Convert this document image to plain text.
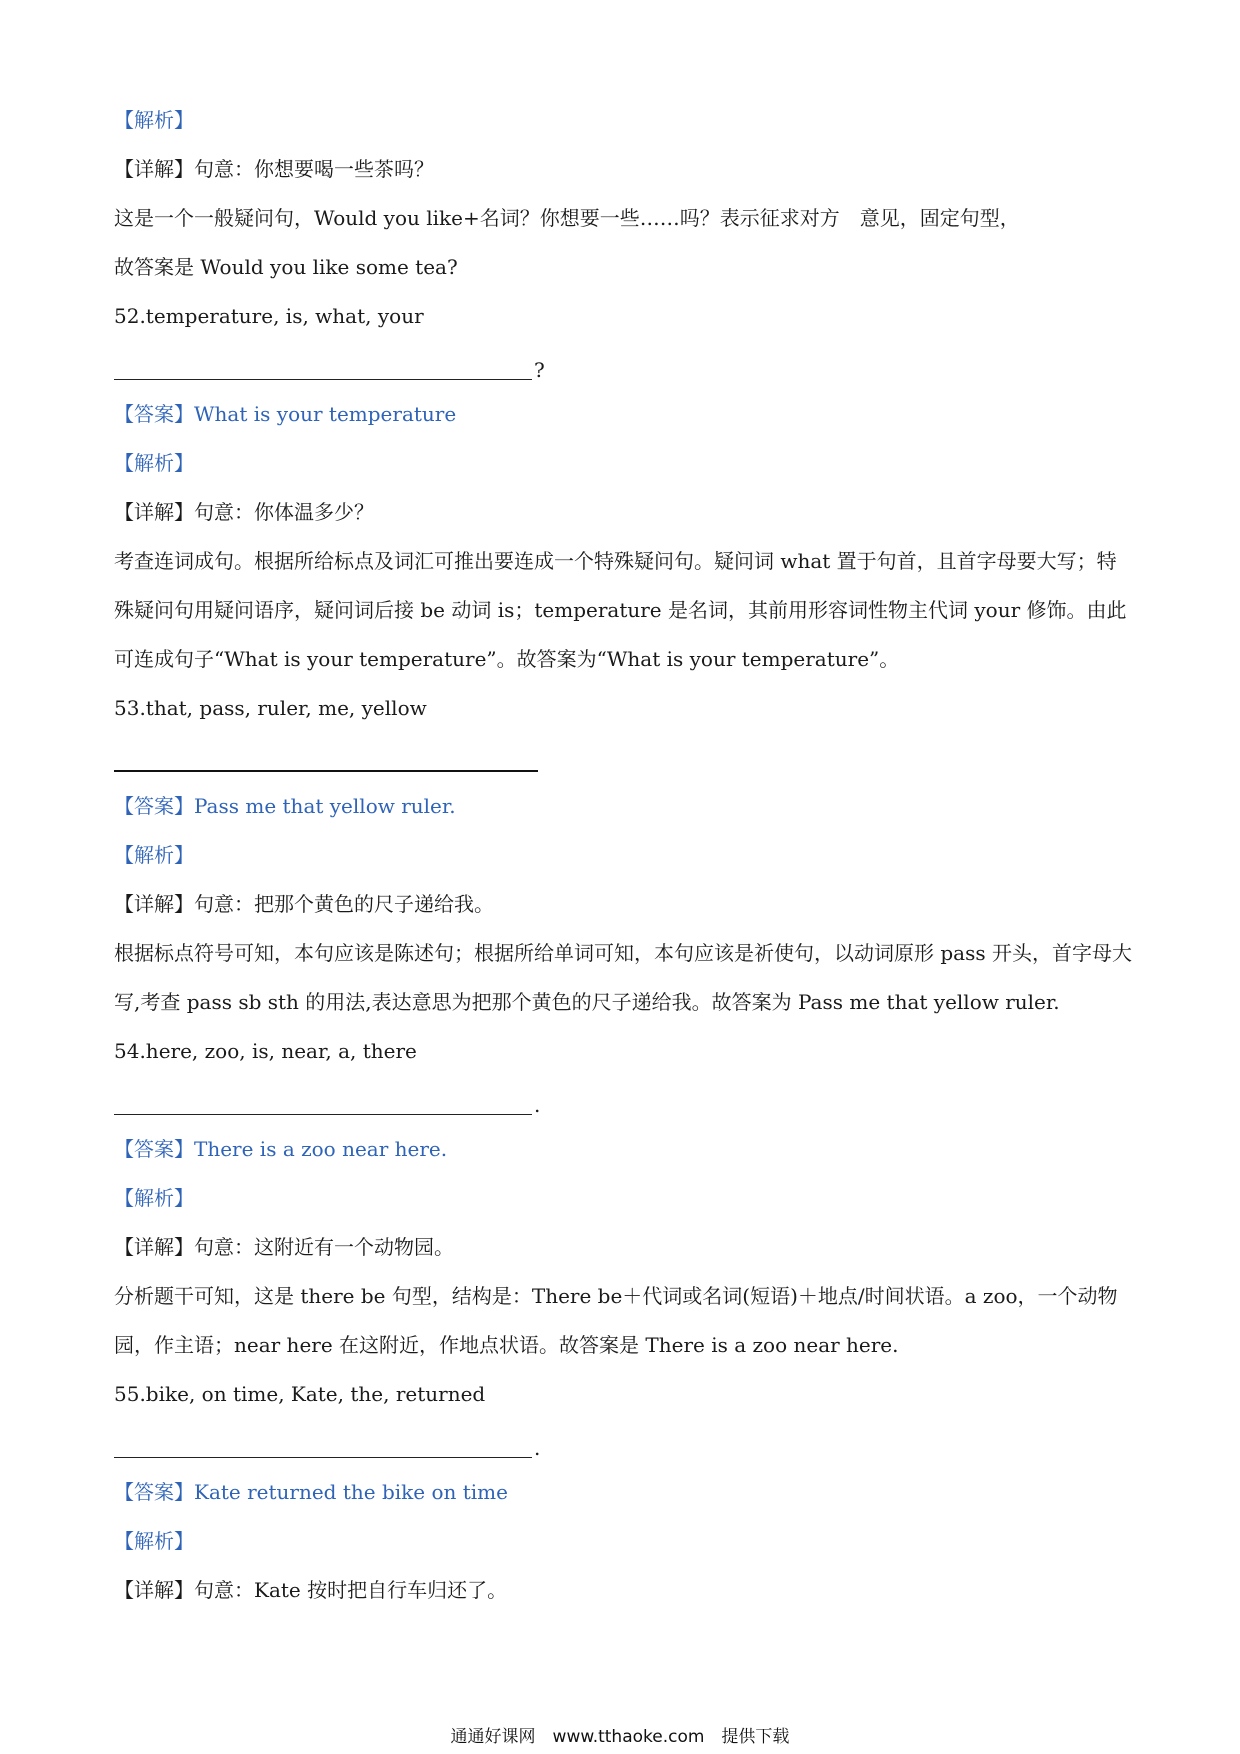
【解析】
【详解】句意：你想要喝一些茶吗？
这是一个一般疑问句，Would you like+名词？你想要一些……吗？表示征求对方　意见，固定句型，故答案是 Would you like some tea?
52.temperature, is, what, your
?
【答案】What is your temperature
【解析】
【详解】句意：你体温多少？
考查连词成句。根据所给标点及词汇可推出要连成一个特殊疑问句。疑问词 what 置于句首，且首字母要大写；特殊疑问句用疑问语序，疑问词后接 be 动词 is；temperature 是名词，其前用形容词性物主代词 your 修饰。由此可连成句子“What is your temperature”。故答案为“What is your temperature”。
53.that, pass, ruler, me, yellow
【答案】Pass me that yellow ruler.
【解析】
【详解】句意：把那个黄色的尺子递给我。
根据标点符号可知，本句应该是陈述句；根据所给单词可知，本句应该是祈使句，以动词原形 pass 开头，首字母大写,考查 pass sb sth 的用法,表达意思为把那个黄色的尺子递给我。故答案为 Pass me that yellow ruler.
54.here, zoo, is, near, a, there
.
【答案】There is a zoo near here.
【解析】
【详解】句意：这附近有一个动物园。
分析题干可知，这是 there be 句型，结构是：There be＋代词或名词(短语)＋地点/时间状语。a zoo，一个动物园，作主语；near here 在这附近，作地点状语。故答案是 There is a zoo near here.
55.bike, on time, Kate, the, returned
.
【答案】Kate returned the bike on time
【解析】
【详解】句意：Kate 按时把自行车归还了。
通通好课网　www.tthaoke.com　提供下载
